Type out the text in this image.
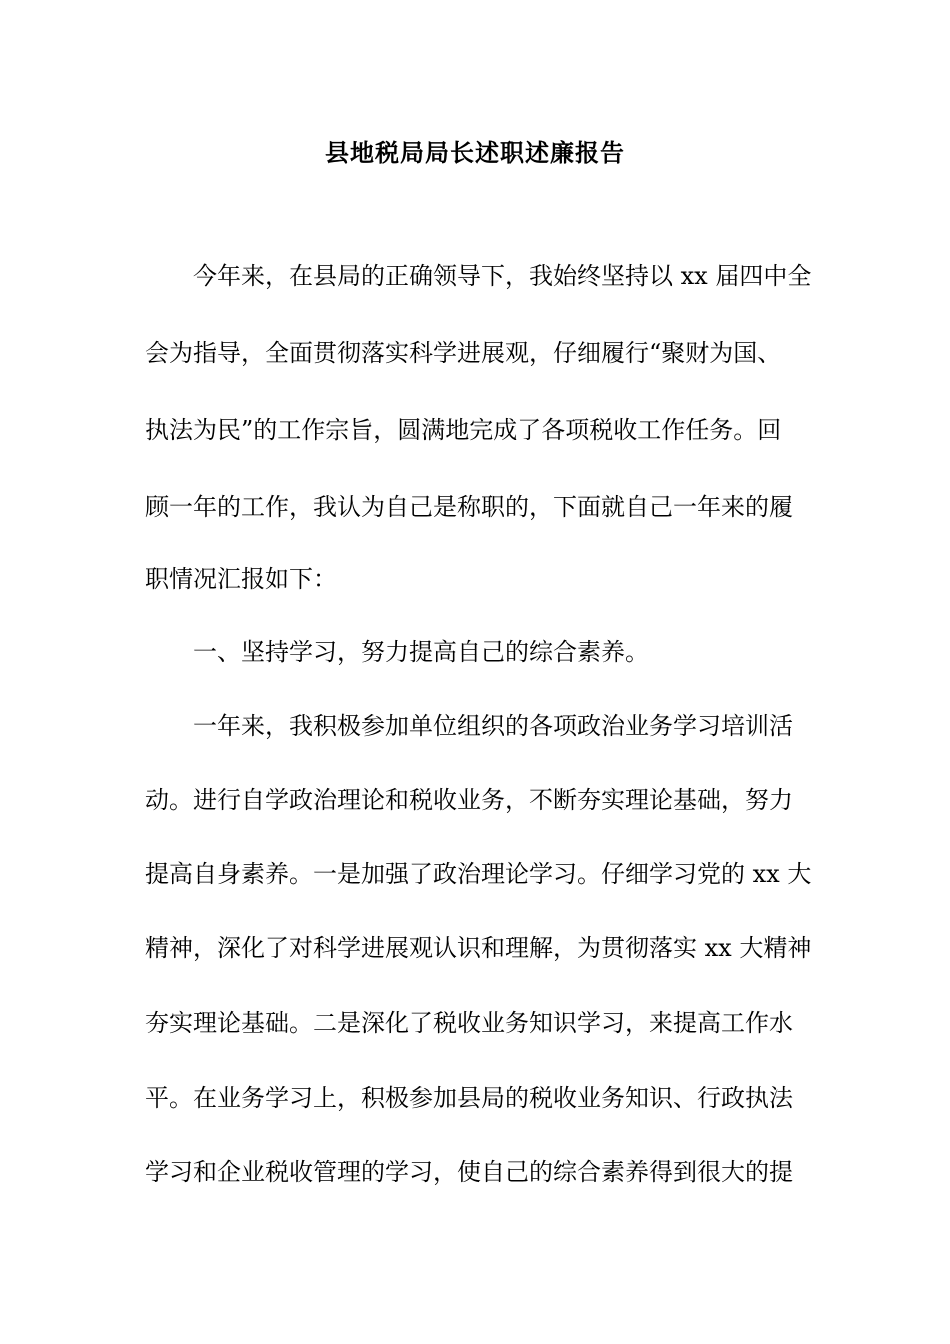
县地税局局长述职述廉报告

　　今年来，在县局的正确领导下，我始终坚持以 xx 届四中全

会为指导，全面贯彻落实科学进展观，仔细履行“聚财为国、

执法为民”的工作宗旨，圆满地完成了各项税收工作任务。回

顾一年的工作，我认为自己是称职的，下面就自己一年来的履

职情况汇报如下：

　　一、坚持学习，努力提高自己的综合素养。

　　一年来，我积极参加单位组织的各项政治业务学习培训活

动。进行自学政治理论和税收业务，不断夯实理论基础，努力

提高自身素养。一是加强了政治理论学习。仔细学习党的 xx 大

精神，深化了对科学进展观认识和理解，为贯彻落实 xx 大精神

夯实理论基础。二是深化了税收业务知识学习，来提高工作水

平。在业务学习上，积极参加县局的税收业务知识、行政执法

学习和企业税收管理的学习，使自己的综合素养得到很大的提
